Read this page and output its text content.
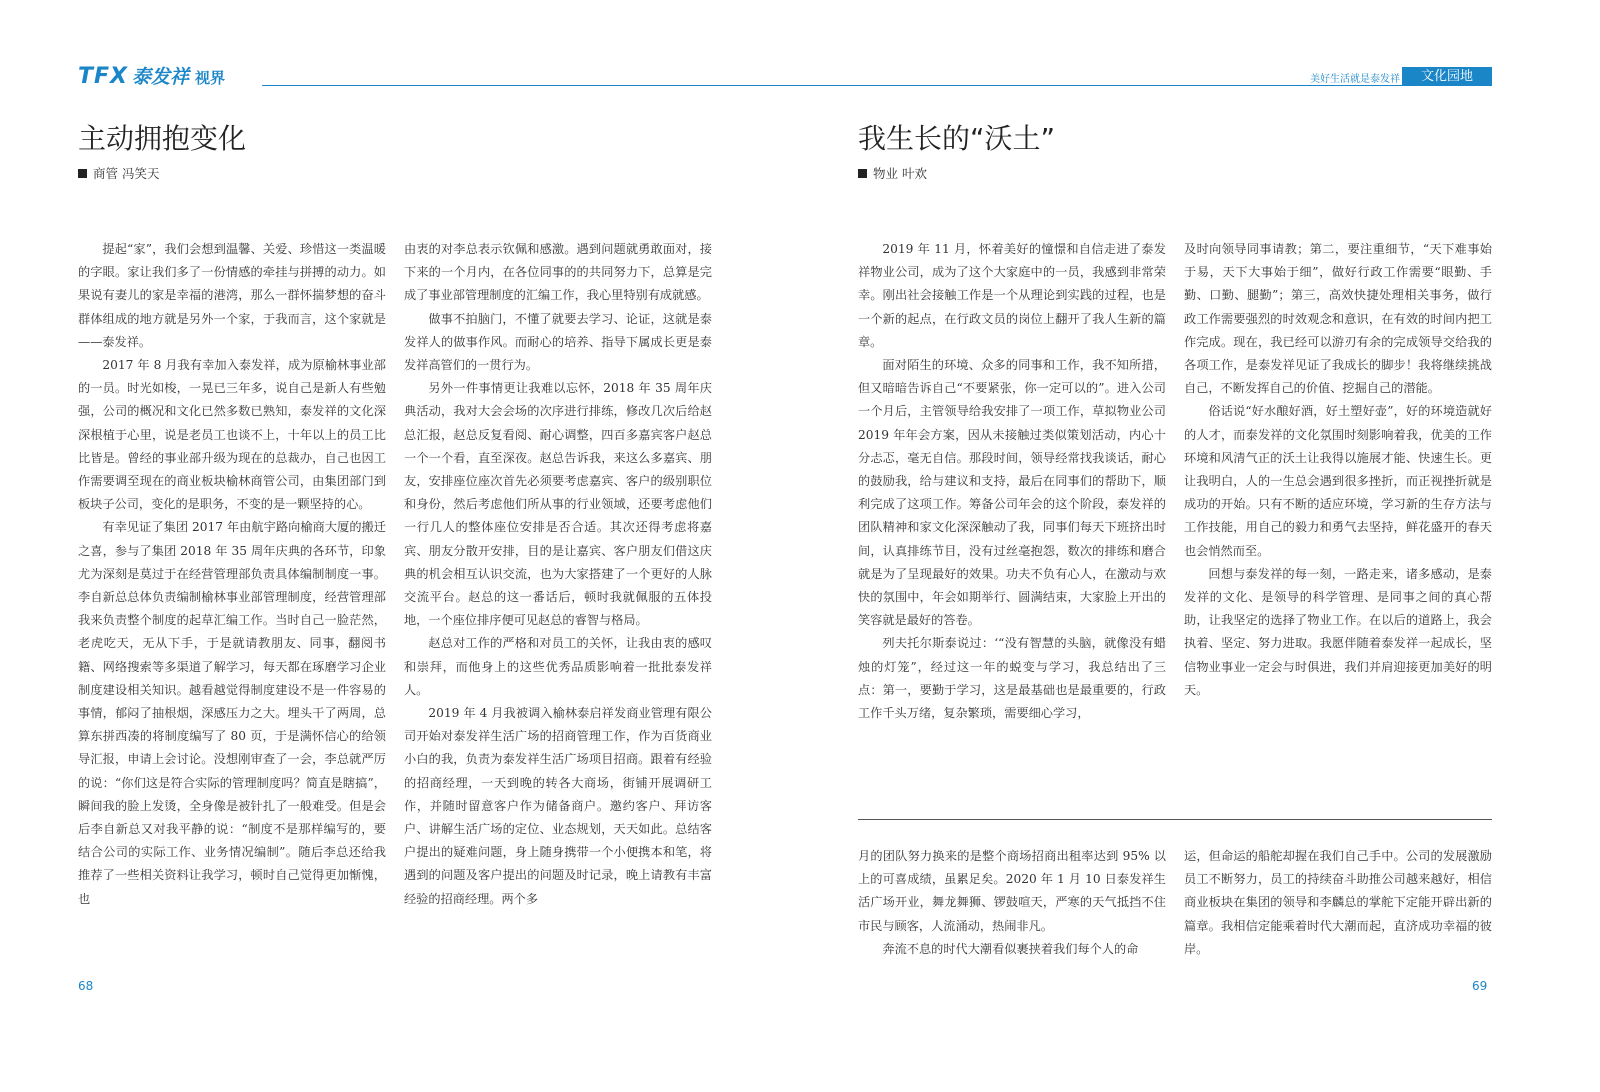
TFX 泰发祥 视界	美好生活就是泰发祥	文化园地
主动拥抱变化
商管 冯笑天

提起“家”，我们会想到温馨、关爱、珍惜这一类温暖的字眼。家让我们多了一份情感的牵挂与拼搏的动力。如果说有妻儿的家是幸福的港湾，那么一群怀揣梦想的奋斗群体组成的地方就是另外一个家，于我而言，这个家就是——泰发祥。

2017 年 8 月我有幸加入泰发祥，成为原榆林事业部的一员。时光如梭，一晃已三年多，说自己是新人有些勉强，公司的概况和文化已然多数已熟知，泰发祥的文化深深根植于心里，说是老员工也谈不上，十年以上的员工比比皆是。曾经的事业部升级为现在的总裁办，自己也因工作需要调至现在的商业板块榆林商管公司，由集团部门到板块子公司，变化的是职务，不变的是一颗坚持的心。

有幸见证了集团 2017 年由航宇路向榆商大厦的搬迁之喜，参与了集团 2018 年 35 周年庆典的各环节，印象尤为深刻是莫过于在经营管理部负责具体编制制度一事。李自新总总体负责编制榆林事业部管理制度，经营管理部我来负责整个制度的起草汇编工作。当时自己一脸茫然，老虎吃天，无从下手，于是就请教朋友、同事，翻阅书籍、网络搜索等多渠道了解学习，每天都在琢磨学习企业制度建设相关知识。越看越觉得制度建设不是一件容易的事情，郁闷了抽根烟，深感压力之大。埋头干了两周，总算东拼西凑的将制度编写了 80 页，于是满怀信心的给领导汇报，申请上会讨论。没想刚审查了一会，李总就严厉的说：“你们这是符合实际的管理制度吗？简直是瞎搞”，瞬间我的脸上发烫，全身像是被针扎了一般难受。但是会后李自新总又对我平静的说：“制度不是那样编写的，要结合公司的实际工作、业务情况编制”。随后李总还给我推荐了一些相关资料让我学习，顿时自己觉得更加惭愧，也

由衷的对李总表示钦佩和感激。遇到问题就勇敢面对，接下来的一个月内，在各位同事的的共同努力下，总算是完成了事业部管理制度的汇编工作，我心里特别有成就感。

做事不拍脑门，不懂了就要去学习、论证，这就是泰发祥人的做事作风。而耐心的培养、指导下属成长更是泰发祥高管们的一贯行为。

另外一件事情更让我难以忘怀，2018 年 35 周年庆典活动，我对大会会场的次序进行排练，修改几次后给赵总汇报，赵总反复看阅、耐心调整，四百多嘉宾客户赵总一个一个看，直至深夜。赵总告诉我，来这么多嘉宾、朋友，安排座位座次首先必须要考虑嘉宾、客户的级别职位和身份，然后考虑他们所从事的行业领域，还要考虑他们一行几人的整体座位安排是否合适。其次还得考虑将嘉宾、朋友分散开安排，目的是让嘉宾、客户朋友们借这庆典的机会相互认识交流，也为大家搭建了一个更好的人脉交流平台。赵总的这一番话后，顿时我就佩服的五体投地，一个座位排序便可见赵总的睿智与格局。

赵总对工作的严格和对员工的关怀，让我由衷的感叹和崇拜，而他身上的这些优秀品质影响着一批批泰发祥人。

2019 年 4 月我被调入榆林泰启祥发商业管理有限公司开始对泰发祥生活广场的招商管理工作，作为百货商业小白的我，负责为泰发祥生活广场项目招商。跟着有经验的招商经理，一天到晚的转各大商场，街铺开展调研工作，并随时留意客户作为储备商户。邀约客户、拜访客户、讲解生活广场的定位、业态规划，天天如此。总结客户提出的疑难问题，身上随身携带一个小便携本和笔，将遇到的问题及客户提出的问题及时记录，晚上请教有丰富经验的招商经理。两个多

我生长的“沃土”
物业 叶欢

2019 年 11 月，怀着美好的憧憬和自信走进了泰发祥物业公司，成为了这个大家庭中的一员，我感到非常荣幸。刚出社会接触工作是一个从理论到实践的过程，也是一个新的起点，在行政文员的岗位上翻开了我人生新的篇章。

面对陌生的环境、众多的同事和工作，我不知所措，但又暗暗告诉自己“不要紧张，你一定可以的”。进入公司一个月后，主管领导给我安排了一项工作，草拟物业公司 2019 年年会方案，因从未接触过类似策划活动，内心十分忐忑，毫无自信。那段时间，领导经常找我谈话，耐心的鼓励我，给与建议和支持，最后在同事们的帮助下，顺利完成了这项工作。筹备公司年会的这个阶段，泰发祥的团队精神和家文化深深触动了我，同事们每天下班挤出时间，认真排练节目，没有过丝毫抱怨，数次的排练和磨合就是为了呈现最好的效果。功夫不负有心人，在激动与欢快的氛围中，年会如期举行、圆满结束，大家脸上开出的笑容就是最好的答卷。

列夫托尔斯泰说过：‘“没有智慧的头脑，就像没有蜡烛的灯笼”，经过这一年的蜕变与学习，我总结出了三点：第一，要勤于学习，这是最基础也是最重要的，行政工作千头万绪，复杂繁琐，需要细心学习，

及时向领导同事请教；第二，要注重细节，“天下难事始于易，天下大事始于细”，做好行政工作需要“眼勤、手勤、口勤、腿勤”；第三，高效快捷处理相关事务，做行政工作需要强烈的时效观念和意识，在有效的时间内把工作完成。现在，我已经可以游刃有余的完成领导交给我的各项工作，是泰发祥见证了我成长的脚步！我将继续挑战自己，不断发挥自己的价值、挖掘自己的潜能。

俗话说“好水酿好酒，好土塑好壶”，好的环境造就好的人才，而泰发祥的文化氛围时刻影响着我，优美的工作环境和风清气正的沃土让我得以施展才能、快速生长。更让我明白，人的一生总会遇到很多挫折，而正视挫折就是成功的开始。只有不断的适应环境，学习新的生存方法与工作技能，用自己的毅力和勇气去坚持，鲜花盛开的春天也会悄然而至。

回想与泰发祥的每一刻，一路走来，诸多感动，是泰发祥的文化、是领导的科学管理、是同事之间的真心帮助，让我坚定的选择了物业工作。在以后的道路上，我会执着、坚定、努力进取。我愿伴随着泰发祥一起成长，坚信物业事业一定会与时俱进，我们并肩迎接更加美好的明天。

月的团队努力换来的是整个商场招商出租率达到 95% 以上的可喜成绩，虽累足矣。2020 年 1 月 10 日泰发祥生活广场开业，舞龙舞狮、锣鼓喧天，严寒的天气抵挡不住市民与顾客，人流涌动，热闹非凡。

奔流不息的时代大潮看似裹挟着我们每个人的命

运，但命运的船舵却握在我们自己手中。公司的发展激励员工不断努力，员工的持续奋斗助推公司越来越好，相信商业板块在集团的领导和李麟总的掌舵下定能开辟出新的篇章。我相信定能乘着时代大潮而起，直济成功幸福的彼岸。

68	69
